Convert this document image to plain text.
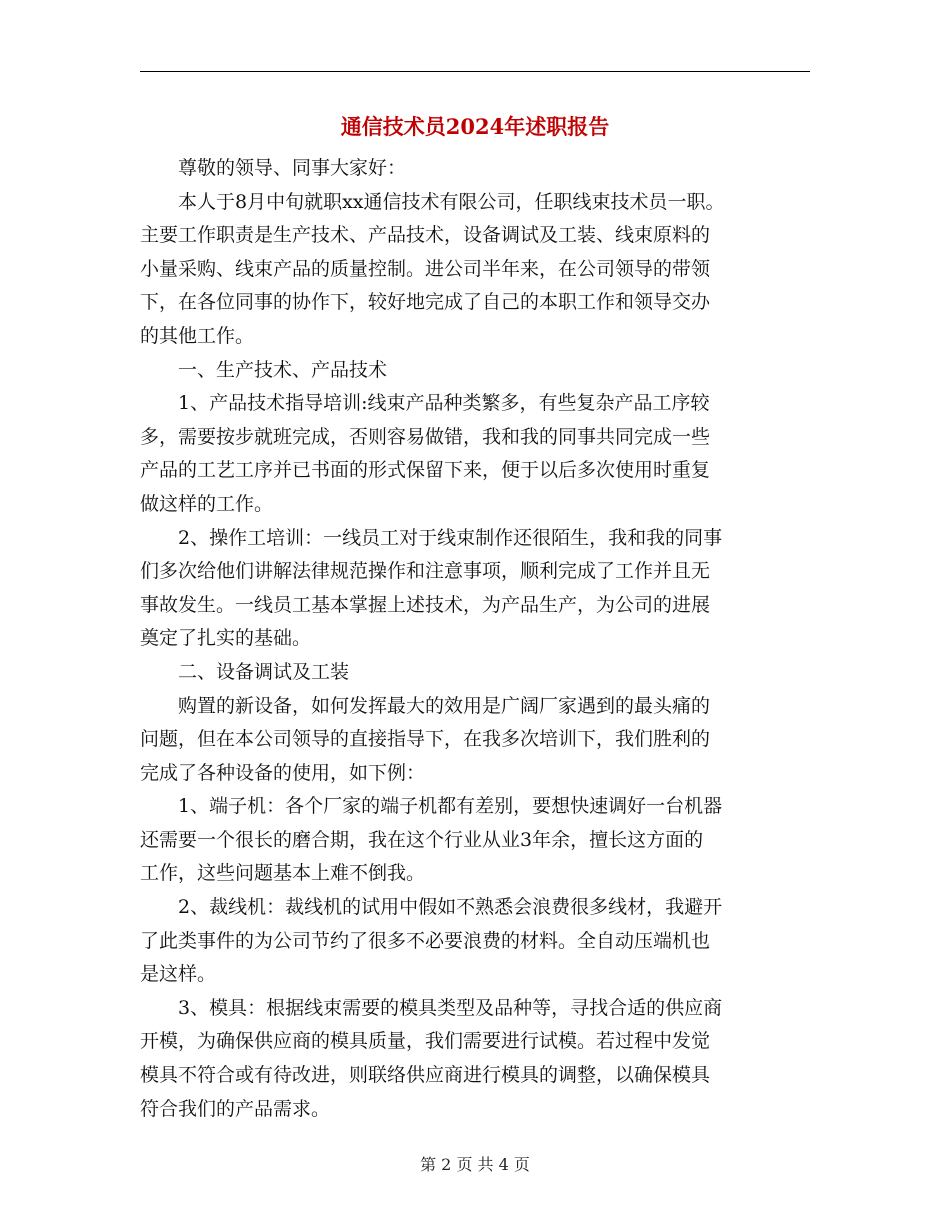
通信技术员2024年述职报告

尊敬的领导、同事大家好：

本人于8月中旬就职xx通信技术有限公司，任职线束技术员一职。
主要工作职责是生产技术、产品技术，设备调试及工装、线束原料的
小量采购、线束产品的质量控制。进公司半年来，在公司领导的带领
下，在各位同事的协作下，较好地完成了自己的本职工作和领导交办
的其他工作。

一、生产技术、产品技术

1、产品技术指导培训:线束产品种类繁多，有些复杂产品工序较
多，需要按步就班完成，否则容易做错，我和我的同事共同完成一些
产品的工艺工序并已书面的形式保留下来，便于以后多次使用时重复
做这样的工作。

2、操作工培训：一线员工对于线束制作还很陌生，我和我的同事
们多次给他们讲解法律规范操作和注意事项，顺利完成了工作并且无
事故发生。一线员工基本掌握上述技术，为产品生产，为公司的进展
奠定了扎实的基础。

二、设备调试及工装

购置的新设备，如何发挥最大的效用是广阔厂家遇到的最头痛的
问题，但在本公司领导的直接指导下，在我多次培训下，我们胜利的
完成了各种设备的使用，如下例：

1、端子机：各个厂家的端子机都有差别，要想快速调好一台机器
还需要一个很长的磨合期，我在这个行业从业3年余，擅长这方面的
工作，这些问题基本上难不倒我。

2、裁线机：裁线机的试用中假如不熟悉会浪费很多线材，我避开
了此类事件的为公司节约了很多不必要浪费的材料。全自动压端机也
是这样。

3、模具：根据线束需要的模具类型及品种等，寻找合适的供应商
开模，为确保供应商的模具质量，我们需要进行试模。若过程中发觉
模具不符合或有待改进，则联络供应商进行模具的调整，以确保模具
符合我们的产品需求。

第 2 页 共 4 页
